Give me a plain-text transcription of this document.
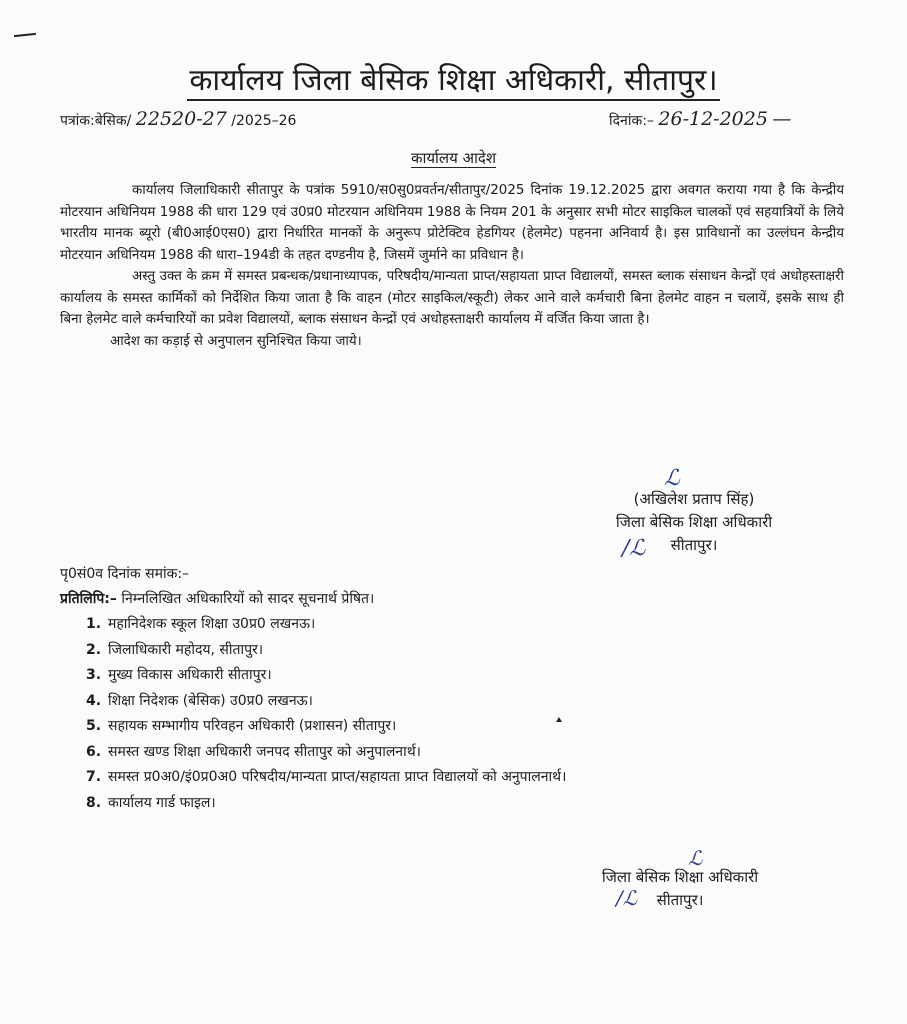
कार्यालय जिला बेसिक शिक्षा अधिकारी, सीतापुर।
पत्रांक:बेसिक/ 22520-27 /2025–26	दिनांक:– 26-12-2025 —
कार्यालय आदेश

कार्यालय जिलाधिकारी सीतापुर के पत्रांक 5910/स0सु0प्रवर्तन/सीतापुर/2025 दिनांक 19.12.2025 द्वारा अवगत कराया गया है कि केन्द्रीय मोटरयान अधिनियम 1988 की धारा 129 एवं उ0प्र0 मोटरयान अधिनियम 1988 के नियम 201 के अनुसार सभी मोटर साइकिल चालकों एवं सहयात्रियों के लिये भारतीय मानक ब्यूरो (बी0आई0एस0) द्वारा निर्धारित मानकों के अनुरूप प्रोटेक्टिव हेडगियर (हेलमेट) पहनना अनिवार्य है। इस प्राविधानों का उल्लंघन केन्द्रीय मोटरयान अधिनियम 1988 की धारा–194डी के तहत दण्डनीय है, जिसमें जुर्माने का प्रविधान है।

अस्तु उक्त के क्रम में समस्त प्रबन्धक/प्रधानाध्यापक, परिषदीय/मान्यता प्राप्त/सहायता प्राप्त विद्यालयों, समस्त ब्लाक संसाधन केन्द्रों एवं अधोहस्ताक्षरी कार्यालय के समस्त कार्मिकों को निर्देशित किया जाता है कि वाहन (मोटर साइकिल/स्कूटी) लेकर आने वाले कर्मचारी बिना हेलमेट वाहन न चलायें, इसके साथ ही बिना हेलमेट वाले कर्मचारियों का प्रवेश विद्यालयों, ब्लाक संसाधन केन्द्रों एवं अधोहस्ताक्षरी कार्यालय में वर्जित किया जाता है।

आदेश का कड़ाई से अनुपालन सुनिश्चित किया जाये।

ℒ
(अखिलेश प्रताप सिंह)
जिला बेसिक शिक्षा अधिकारी
सीतापुर।
∕ℒ
पृ0सं0व दिनांक समांक:–
प्रतिलिपि:– निम्नलिखित अधिकारियों को सादर सूचनार्थ प्रेषित।
1. महानिदेशक स्कूल शिक्षा उ0प्र0 लखनऊ।
2. जिलाधिकारी महोदय, सीतापुर।
3. मुख्य विकास अधिकारी सीतापुर।
4. शिक्षा निदेशक (बेसिक) उ0प्र0 लखनऊ।
5. सहायक सम्भागीय परिवहन अधिकारी (प्रशासन) सीतापुर।
6. समस्त खण्ड शिक्षा अधिकारी जनपद सीतापुर को अनुपालनार्थ।
7. समस्त प्र0अ0/इं0प्र0अ0 परिषदीय/मान्यता प्राप्त/सहायता प्राप्त विद्यालयों को अनुपालनार्थ।
8. कार्यालय गार्ड फाइल।
ℒ
जिला बेसिक शिक्षा अधिकारी
सीतापुर।
∕ℒ
